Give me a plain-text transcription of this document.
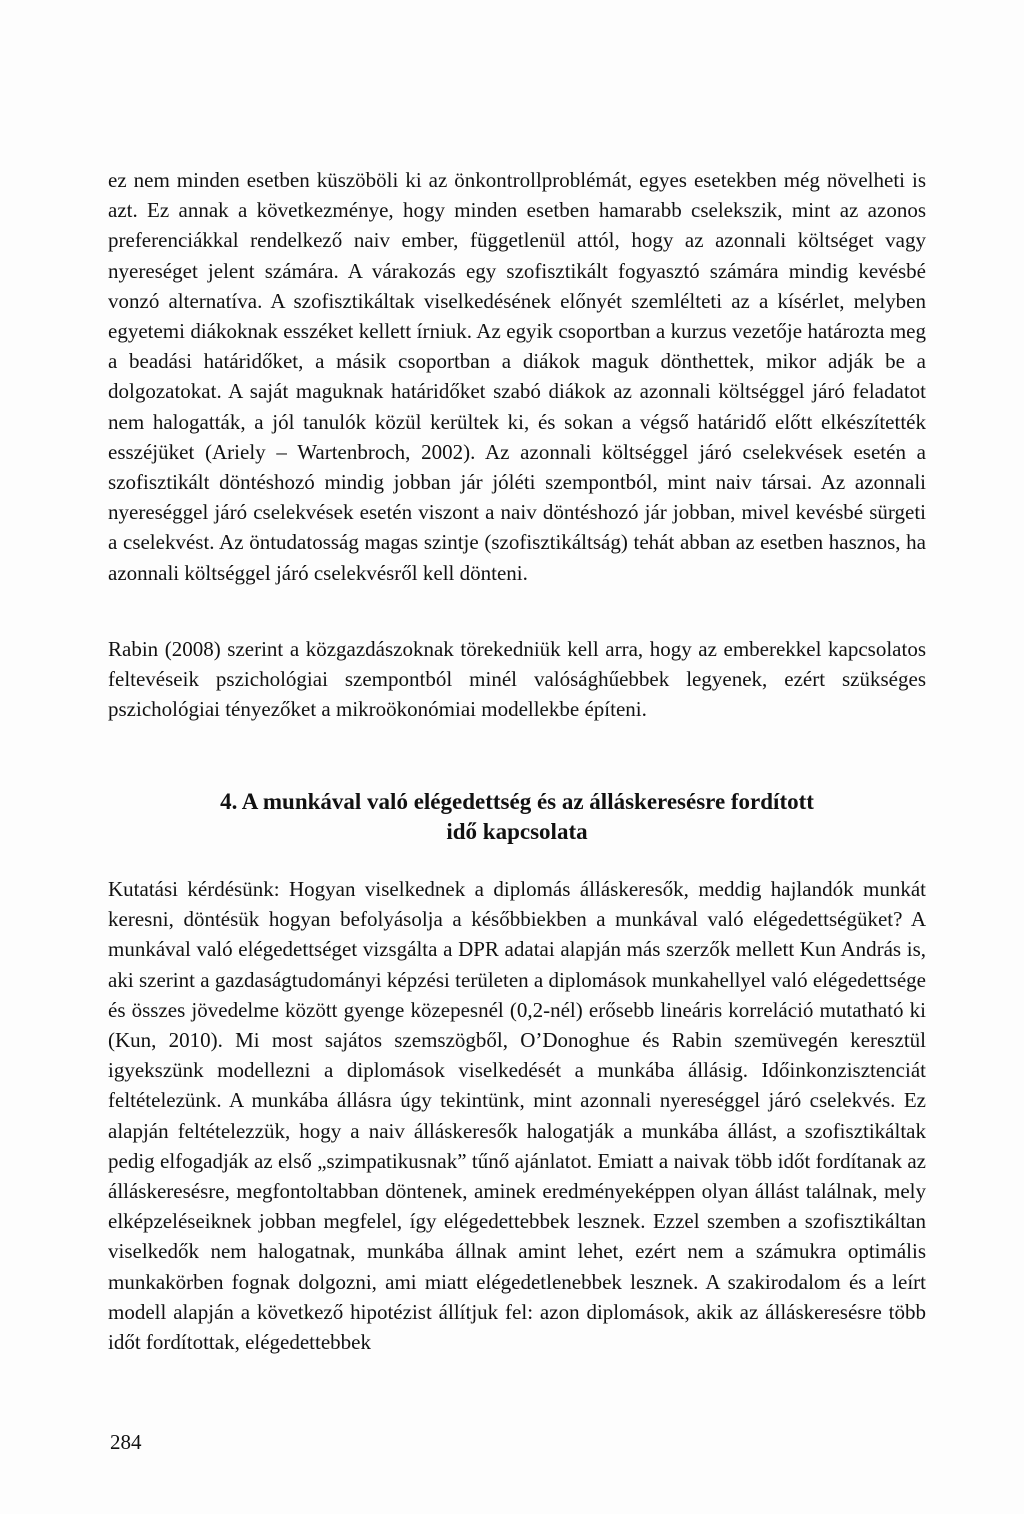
ez nem minden esetben küszöböli ki az önkontrollproblémát, egyes esetekben még növelheti is azt. Ez annak a következménye, hogy minden esetben hamarabb cselekszik, mint az azonos preferenciákkal rendelkező naiv ember, függetlenül attól, hogy az azonnali költséget vagy nyereséget jelent számára. A várakozás egy szofisztikált fogyasztó számára mindig kevésbé vonzó alternatíva. A szofisztikáltak viselkedésének előnyét szemlélteti az a kísérlet, melyben egyetemi diákoknak esszéket kellett írniuk. Az egyik csoportban a kurzus vezetője határozta meg a beadási határidőket, a másik csoportban a diákok maguk dönthettek, mikor adják be a dolgozatokat. A saját maguknak határidőket szabó diákok az azonnali költséggel járó feladatot nem halogatták, a jól tanulók közül kerültek ki, és sokan a végső határidő előtt elkészítették esszéjüket (Ariely – Wartenbroch, 2002). Az azonnali költséggel járó cselekvések esetén a szofisztikált döntéshozó mindig jobban jár jóléti szempontból, mint naiv társai. Az azonnali nyereséggel járó cselekvések esetén viszont a naiv döntéshozó jár jobban, mivel kevésbé sürgeti a cselekvést. Az öntudatosság magas szintje (szofisztikáltság) tehát abban az esetben hasznos, ha azonnali költséggel járó cselekvésről kell dönteni.

Rabin (2008) szerint a közgazdászoknak törekedniük kell arra, hogy az emberekkel kapcsolatos feltevéseik pszichológiai szempontból minél valósághűebbek legyenek, ezért szükséges pszichológiai tényezőket a mikroökonómiai modellekbe építeni.

4. A munkával való elégedettség és az álláskeresésre fordított
idő kapcsolata

Kutatási kérdésünk: Hogyan viselkednek a diplomás álláskeresők, meddig hajlandók munkát keresni, döntésük hogyan befolyásolja a későbbiekben a munkával való elégedettségüket? A munkával való elégedettséget vizsgálta a DPR adatai alapján más szerzők mellett Kun András is, aki szerint a gazdaságtudományi képzési területen a diplomások munkahellyel való elégedettsége és összes jövedelme között gyenge közepesnél (0,2-nél) erősebb lineáris korreláció mutatható ki (Kun, 2010). Mi most sajátos szemszögből, O’Donoghue és Rabin szemüvegén keresztül igyekszünk modellezni a diplomások viselkedését a munkába állásig. Időinkonzisztenciát feltételezünk. A munkába állásra úgy tekintünk, mint azonnali nyereséggel járó cselekvés. Ez alapján feltételezzük, hogy a naiv álláskeresők halogatják a munkába állást, a szofisztikáltak pedig elfogadják az első „szimpatikusnak” tűnő ajánlatot. Emiatt a naivak több időt fordítanak az álláskeresésre, megfontoltabban döntenek, aminek eredményeképpen olyan állást találnak, mely elképzeléseiknek jobban megfelel, így elégedettebbek lesznek. Ezzel szemben a szofisztikáltan viselkedők nem halogatnak, munkába állnak amint lehet, ezért nem a számukra optimális munkakörben fognak dolgozni, ami miatt elégedetlenebbek lesznek. A szakirodalom és a leírt modell alapján a következő hipotézist állítjuk fel: azon diplomások, akik az álláskeresésre több időt fordítottak, elégedettebbek

284
